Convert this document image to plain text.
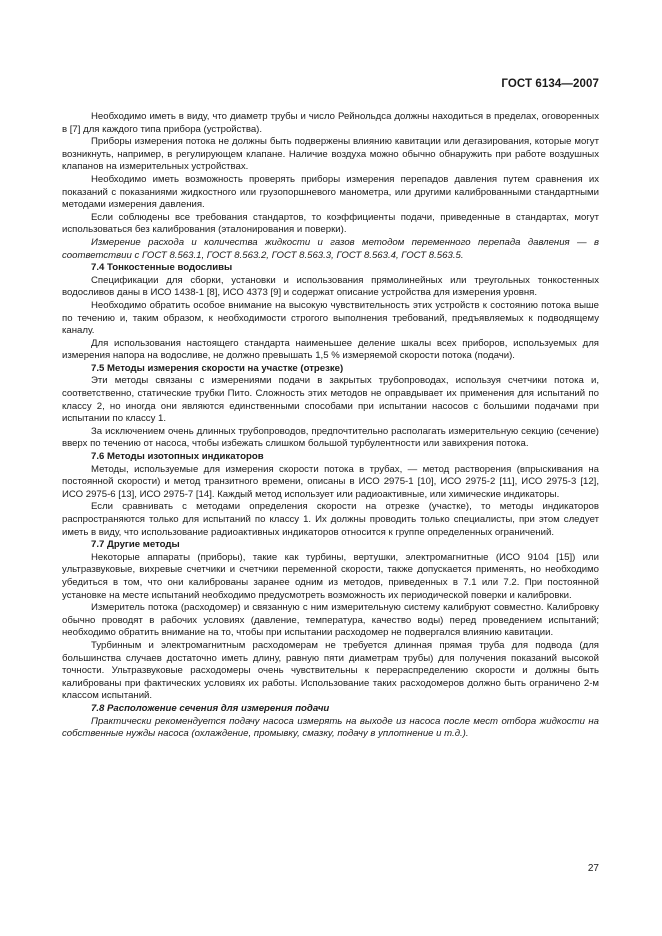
ГОСТ 6134—2007

Необходимо иметь в виду, что диаметр трубы и число Рейнольдса должны находиться в пределах, оговоренных в [7] для каждого типа прибора (устройства).

Приборы измерения потока не должны быть подвержены влиянию кавитации или дегазирования, которые могут возникнуть, например, в регулирующем клапане. Наличие воздуха можно обычно обнаружить при работе воздушных клапанов на измерительных устройствах.

Необходимо иметь возможность проверять приборы измерения перепадов давления путем сравнения их показаний с показаниями жидкостного или грузопоршневого манометра, или другими калиброванными стандартными методами измерения давления.

Если соблюдены все требования стандартов, то коэффициенты подачи, приведенные в стандартах, могут использоваться без калибрования (эталонирования и поверки).

Измерение расхода и количества жидкости и газов методом переменного перепада давления — в соответствии с ГОСТ 8.563.1, ГОСТ 8.563.2, ГОСТ 8.563.3, ГОСТ 8.563.4, ГОСТ 8.563.5.

7.4 Тонкостенные водосливы

Спецификации для сборки, установки и использования прямолинейных или треугольных тонкостенных водосливов даны в ИСО 1438-1 [8], ИСО 4373 [9] и содержат описание устройства для измерения уровня.

Необходимо обратить особое внимание на высокую чувствительность этих устройств к состоянию потока выше по течению и, таким образом, к необходимости строгого выполнения требований, предъявляемых к подводящему каналу.

Для использования настоящего стандарта наименьшее деление шкалы всех приборов, используемых для измерения напора на водосливе, не должно превышать 1,5 % измеряемой скорости потока (подачи).

7.5 Методы измерения скорости на участке (отрезке)

Эти методы связаны с измерениями подачи в закрытых трубопроводах, используя счетчики потока и, соответственно, статические трубки Пито. Сложность этих методов не оправдывает их применения для испытаний по классу 2, но иногда они являются единственными способами при испытании насосов с большими подачами при испытании по классу 1.

За исключением очень длинных трубопроводов, предпочтительно располагать измерительную секцию (сечение) вверх по течению от насоса, чтобы избежать слишком большой турбулентности или завихрения потока.

7.6 Методы изотопных индикаторов

Методы, используемые для измерения скорости потока в трубах, — метод растворения (впрыскивания на постоянной скорости) и метод транзитного времени, описаны в ИСО 2975-1 [10], ИСО 2975-2 [11], ИСО 2975-3 [12], ИСО 2975-6 [13], ИСО 2975-7 [14]. Каждый метод использует или радиоактивные, или химические индикаторы.

Если сравнивать с методами определения скорости на отрезке (участке), то методы индикаторов распространяются только для испытаний по классу 1. Их должны проводить только специалисты, при этом следует иметь в виду, что использование радиоактивных индикаторов относится к группе определенных ограничений.

7.7 Другие методы

Некоторые аппараты (приборы), такие как турбины, вертушки, электромагнитные (ИСО 9104 [15]) или ультразвуковые, вихревые счетчики и счетчики переменной скорости, также допускается применять, но необходимо убедиться в том, что они калиброваны заранее одним из методов, приведенных в 7.1 или 7.2. При постоянной установке на месте испытаний необходимо предусмотреть возможность их периодической поверки и калибровки.

Измеритель потока (расходомер) и связанную с ним измерительную систему калибруют совместно. Калибровку обычно проводят в рабочих условиях (давление, температура, качество воды) перед проведением испытаний; необходимо обратить внимание на то, чтобы при испытании расходомер не подвергался влиянию кавитации.

Турбинным и электромагнитным расходомерам не требуется длинная прямая труба для подвода (для большинства случаев достаточно иметь длину, равную пяти диаметрам трубы) для получения показаний высокой точности. Ультразвуковые расходомеры очень чувствительны к перераспределению скорости и должны быть калиброваны при фактических условиях их работы. Использование таких расходомеров должно быть ограничено 2-м классом испытаний.

7.8 Расположение сечения для измерения подачи

Практически рекомендуется подачу насоса измерять на выходе из насоса после мест отбора жидкости на собственные нужды насоса (охлаждение, промывку, смазку, подачу в уплотнение и т.д.).

27
